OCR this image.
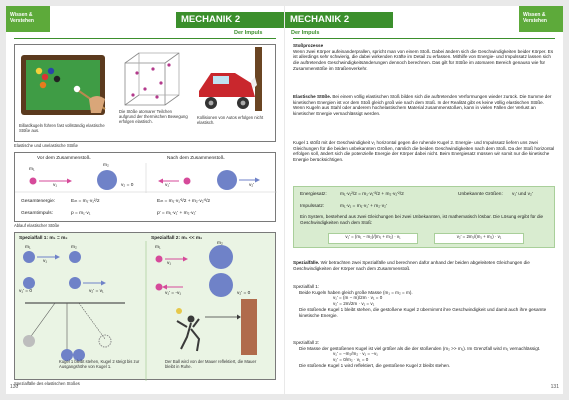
Wissen & Verstehen	MECHANIK 2
Der Impuls
Billardkugeln führen fast vollständig elastische Stöße aus.
Die Stöße atomarer Teilchen aufgrund der thermischen Bewegung erfolgen elastisch.
Kollisionen von Autos erfolgen nicht elastisch.
Elastische und unelastische Stöße
Vor dem Zusammenstoß.	Nach dem Zusammenstoß.
m₁
m₂
v₁	v₂ = 0	v₁'	v₂'
Gesamtenergie:	Eₘ = m₁·v₁²/2	Eₘ = m₁·v₁'²/2 + m₂·v₂'²/2
Gesamtimpuls:	p = m₁·v₁	p' = m₁·v₁' + m₂·v₂'
Ablauf elastischer Stöße
Spezialfall 1: m₁ = m₂	Spezialfall 2: m₁ << m₂
m₁	m₂
v₁
v₁' = 0	v₂' = v₁
m₁
m₂
v₁
v₁' = -v₁	v₂' = 0
Kugel 1 bleibt stehen, Kugel 2 steigt bis zur Ausgangshöhe von Kugel 1.
Der Ball wird von der Mauer reflektiert, die Mauer bleibt in Ruhe.
Spezialfälle des elastischen Stoßes
130
MECHANIK 2	Wissen & Verstehen
Der Impuls
Stoßprozesse
Wenn zwei Körper aufeinanderprallen, spricht man von einem Stoß. Dabei ändern sich die Geschwindigkeiten beider Körper. Es ist allerdings sehr schwierig, die dabei wirkenden Kräfte im Detail zu erfassen. Mithilfe von Energie- und Impulssatz lassen sich die auftretenden Geschwindigkeitsänderungen dennoch berechnen. Das gilt für Stöße im atomaren Bereich genauso wie für Zusammenstöße im Straßenverkehr.
Elastische Stöße. Bei einem völlig elastischen Stoß bilden sich die auftretenden Verformungen wieder zurück. Die Summe der kinetischen Energien ist vor dem Stoß gleich groß wie nach dem Stoß. In der Realität gibt es keine völlig elastischen Stöße. Wenn Kugeln aus Stahl oder anderem hochelastischem Material zusammenstoßen, kann in vielen Fällen der Verlust an kinetischer Energie vernachlässigt werden.
Kugel 1 stößt mit der Geschwindigkeit v₁ horizontal gegen die ruhende Kugel 2. Energie- und Impulssatz liefern uns zwei Gleichungen für die beiden unbekannten Größen, nämlich die beiden Geschwindigkeiten nach dem Stoß. Da der Stoß horizontal erfolgen soll, ändert sich die potenzielle Energie der Körper dabei nicht. Beim Energiesatz müssen wir somit nur die kinetische Energie berücksichtigen.
Energiesatz:	m₁·v₁²/2 = m₁·v₁'²/2 + m₂·v₂'²/2	Unbekannte Größen: v₁' und v₂'
Impulssatz:	m₁·v₁ = m₁·v₁' + m₂·v₂'
Ein System, bestehend aus zwei Gleichungen bei zwei Unbekannten, ist mathematisch lösbar. Die Lösung ergibt für die Geschwindigkeiten nach dem Stoß:
v₁' = (m₁ − m₂)/(m₁ + m₂) · v₁	v₂' = 2m₁/(m₁ + m₂) · v₁
Spezialfälle. Wir betrachten zwei Spezialfälle und berechnen dafür anhand der beiden abgeleiteten Gleichungen die Geschwindigkeiten der Körper nach dem Zusammenstoß.
Spezialfall 1:
Beide Kugeln haben gleich große Masse (m₁ = m₂ = m).
v₁' = (m − m)/2m · v₁ = 0
v₂' = 2m/2m · v₁ = v₁
Die stoßende Kugel 1 bleibt stehen, die gestoßene Kugel 2 übernimmt ihre Geschwindigkeit und damit auch ihre gesamte kinetische Energie.
Spezialfall 2:
Die Masse der gestoßenen Kugel ist viel größer als die der stoßenden (m₂ >> m₁). Im Grenzfall wird m₁ vernachlässigt.
v₁' = −m₂/m₂ · v₁ = −v₁
v₂' = 0/m₂ · v₁ = 0
Die stoßende Kugel 1 wird reflektiert, die gestoßene Kugel 2 bleibt stehen.
131
